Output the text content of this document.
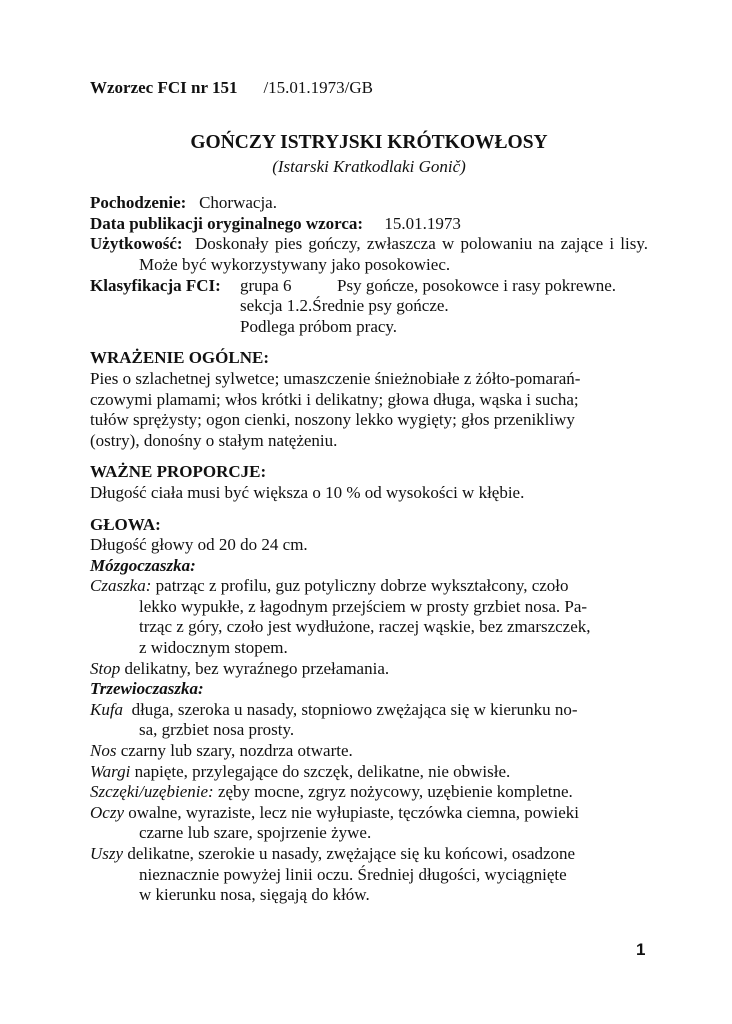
Wzorzec FCI nr 151 /15.01.1973/GB
GOŃCZY ISTRYJSKI KRÓTKOWŁOSY
(Istarski Kratkodlaki Gonič)
Pochodzenie: Chorwacja.
Data publikacji oryginalnego wzorca: 15.01.1973
Użytkowość: Doskonały pies gończy, zwłaszcza w polowaniu na zające i lisy. Może być wykorzystywany jako posokowiec.
Klasyfikacja FCI:	grupa 6	Psy gończe, posokowce i rasy pokrewne.
sekcja 1.2. Średnie psy gończe.
Podlega próbom pracy.
WRAŻENIE OGÓLNE:
Pies o szlachetnej sylwetce; umaszczenie śnieżnobiałe z żółto-pomarań-
czowymi plamami; włos krótki i delikatny; głowa długa, wąska i sucha;
tułów sprężysty; ogon cienki, noszony lekko wygięty; głos przenikliwy
(ostry), donośny o stałym natężeniu.
WAŻNE PROPORCJE:
Długość ciała musi być większa o 10 % od wysokości w kłębie.
GŁOWA:
Długość głowy od 20 do 24 cm.
Mózgoczaszka:
Czaszka: patrząc z profilu, guz potyliczny dobrze wykształcony, czoło
lekko wypukłe, z łagodnym przejściem w prosty grzbiet nosa. Pa-
trząc z góry, czoło jest wydłużone, raczej wąskie, bez zmarszczek,
z widocznym stopem.
Stop delikatny, bez wyraźnego przełamania.
Trzewioczaszka:
Kufa długa, szeroka u nasady, stopniowo zwężająca się w kierunku no-
sa, grzbiet nosa prosty.
Nos czarny lub szary, nozdrza otwarte.
Wargi napięte, przylegające do szczęk, delikatne, nie obwisłe.
Szczęki/uzębienie: zęby mocne, zgryz nożycowy, uzębienie kompletne.
Oczy owalne, wyraziste, lecz nie wyłupiaste, tęczówka ciemna, powieki
czarne lub szare, spojrzenie żywe.
Uszy delikatne, szerokie u nasady, zwężające się ku końcowi, osadzone
nieznacznie powyżej linii oczu. Średniej długości, wyciągnięte
w kierunku nosa, sięgają do kłów.
1
